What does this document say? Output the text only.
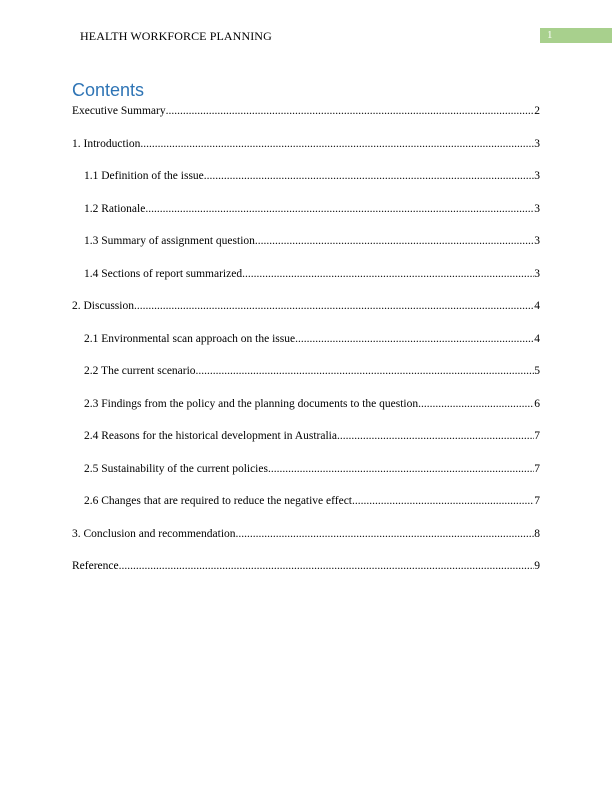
HEALTH WORKFORCE PLANNING	1
Contents
Executive Summary .....	2
1. Introduction .....	3
1.1 Definition of the issue .....	3
1.2 Rationale .....	3
1.3 Summary of assignment question .....	3
1.4 Sections of report summarized .....	3
2. Discussion .....	4
2.1 Environmental scan approach on the issue .....	4
2.2 The current scenario .....	5
2.3 Findings from the policy and the planning documents to the question .....	6
2.4 Reasons for the historical development in Australia .....	7
2.5 Sustainability of the current policies .....	7
2.6 Changes that are required to reduce the negative effect .....	7
3. Conclusion and recommendation .....	8
Reference .....	9
